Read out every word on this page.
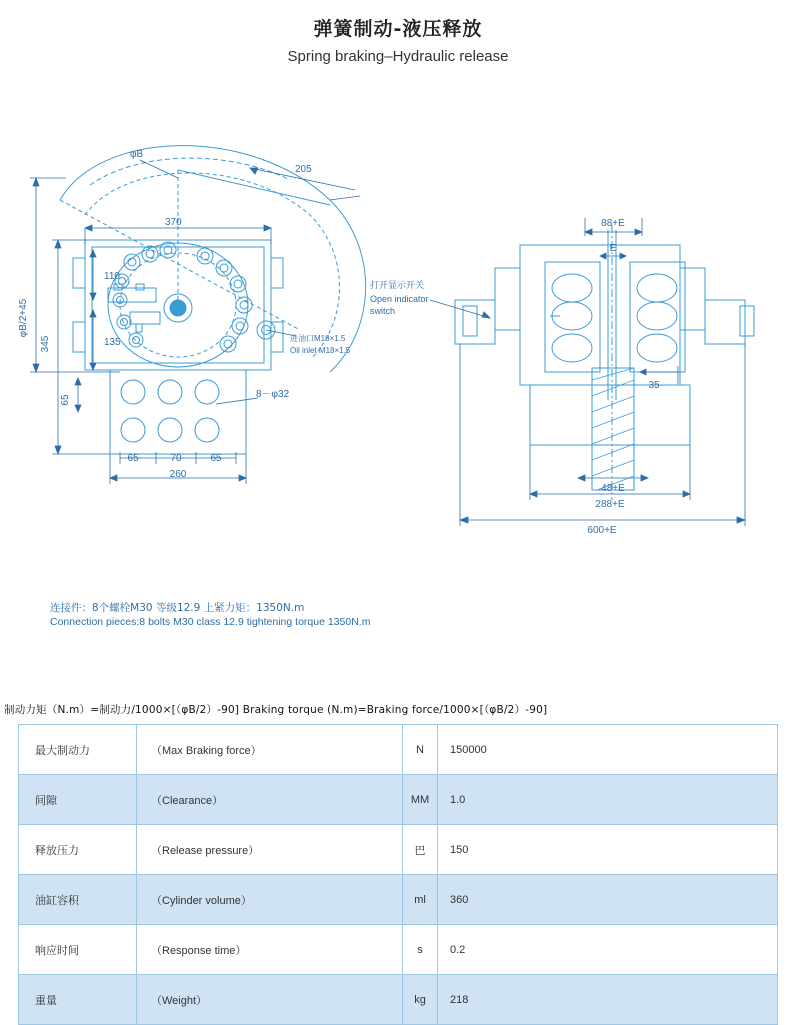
弹簧制动-液压释放
Spring braking–Hydraulic release
φB
205
370
φB/2+45
110
345	135
65
65	70	65
260
8－φ32
进油口M18×1.5
Oil inlet M18×1.5
打开显示开关
Open indicator
switch
88+E
E
35
48+E
288+E
600+E
连接件：8个螺栓M30 等级12.9 上紧力矩：1350N.m
Connection pieces:8 bolts M30 class 12.9 tightening torque 1350N.m
制动力矩（N.m）=制动力/1000×[（φB/2）-90] Braking torque (N.m)=Braking force/1000×[（φB/2）-90]
最大制动力	（Max Braking force）	N	150000
间隙	（Clearance）	MM	1.0
释放压力	（Release pressure）	巴	150
油缸容积	（Cylinder volume）	ml	360
响应时间	（Response time）	s	0.2
重量	（Weight）	kg	218
